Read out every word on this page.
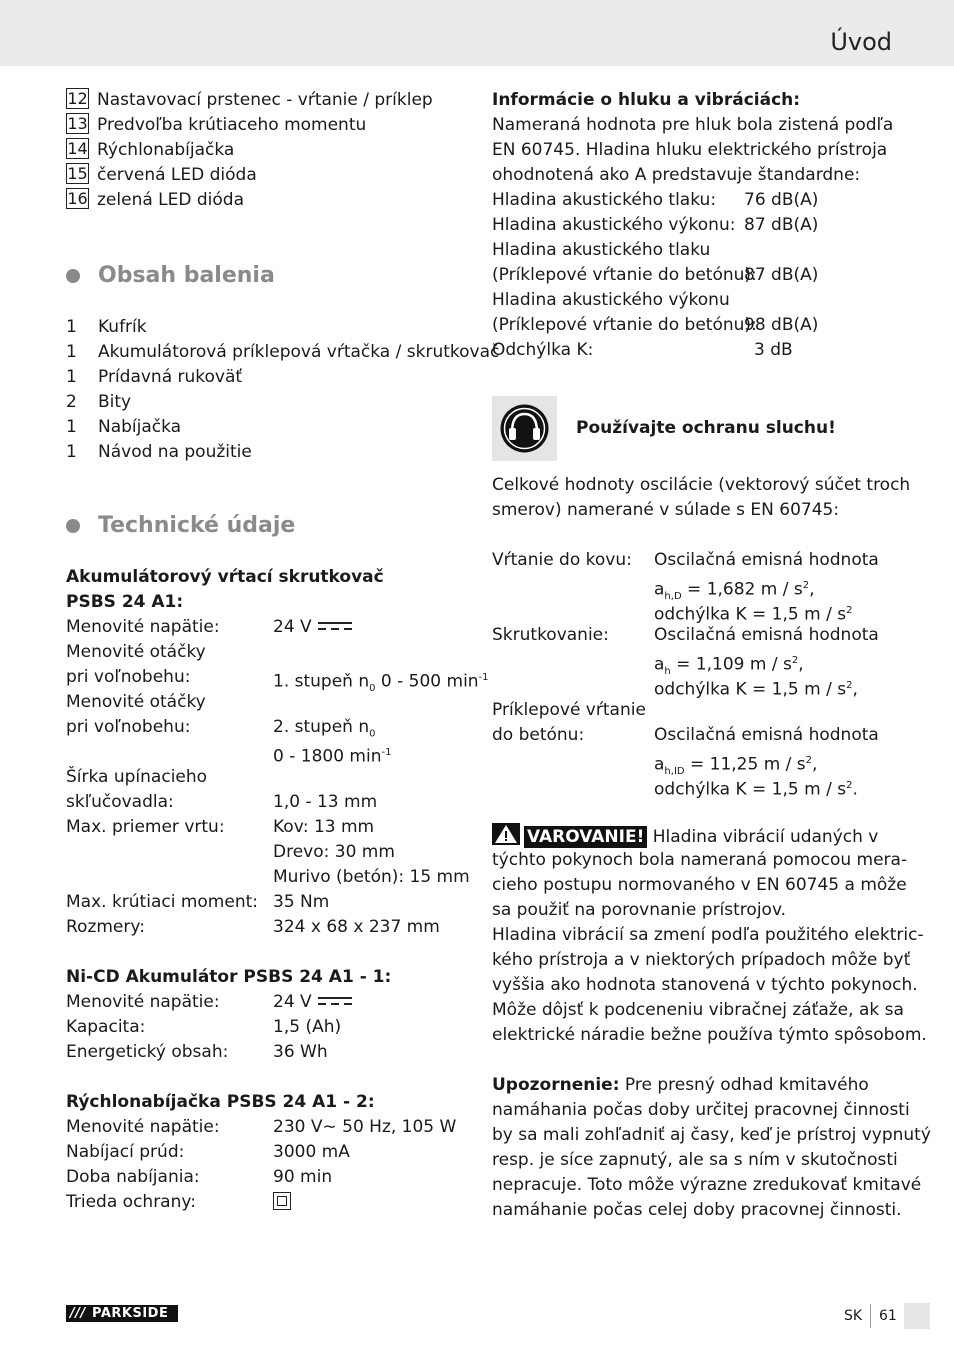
Úvod
12 Nastavovací prstenec - vŕtanie / príklep
13 Predvoľba krútiaceho momentu
14 Rýchlonabíjačka
15 červená LED dióda
16 zelená LED dióda
Obsah balenia
1 Kufrík
1 Akumulátorová príklepová vŕtačka / skrutkovač
1 Prídavná rukoväť
2 Bity
1 Nabíjačka
1 Návod na použitie
Technické údaje
Akumulátorový vŕtací skrutkovač
PSBS 24 A1:
Menovité napätie:	24 V
Menovité otáčky
pri voľnobehu:	1. stupeň $n_0$ 0 - 500 $\min^{-1}$
Menovité otáčky
pri voľnobehu:	2. stupeň $n_0$
0 - 1800 $\min^{-1}$
Šírka upínacieho
skľučovadla:	1,0 - 13 mm
Max. priemer vrtu:	Kov: 13 mm
Drevo: 30 mm
Murivo (betón): 15 mm
Max. krútiaci moment: 35 Nm
Rozmery:	324 x 68 x 237 mm
Ni-CD Akumulátor PSBS 24 A1 - 1:
Menovité napätie:	24 V
Kapacita:	1,5 (Ah)
Energetický obsah:	36 Wh
Rýchlonabíjačka PSBS 24 A1 - 2:
Menovité napätie:	230 V∼ 50 Hz, 105 W
Nabíjací prúd:	3000 mA
Doba nabíjania:	90 min
Trieda ochrany:
Informácie o hluku a vibráciách:
Nameraná hodnota pre hluk bola zistená podľa
EN 60745. Hladina hluku elektrického prístroja
ohodnotená ako A predstavuje štandardne:
Hladina akustického tlaku: 76 dB(A)
Hladina akustického výkonu: 87 dB(A)
Hladina akustického tlaku
(Príklepové vŕtanie do betónu):
87 dB(A)
Hladina akustického výkonu
(Príklepové vŕtanie do betónu):
98 dB(A)
Odchýlka K:	3 dB
Používajte ochranu sluchu!
Celkové hodnoty oscilácie (vektorový súčet troch
smerov) namerané v súlade s EN 60745:
Vŕtanie do kovu: Oscilačná emisná hodnota
$a_{h,D} = 1,682$ m / $s^2$,
odchýlka K = 1,5 m / $s^2$
Skrutkovanie:	Oscilačná emisná hodnota
$a_h = 1,109$ m / $s^2$,
odchýlka K = 1,5 m / $s^2$,
Príklepové vŕtanie
do betónu:	Oscilačná emisná hodnota
$a_{h,ID} = 11,25$ m / $s^2$,
odchýlka K = 1,5 m / $s^2$.
VAROVANIE! Hladina vibrácií udaných v
týchto pokynoch bola nameraná pomocou mera-
cieho postupu normovaného v EN 60745 a môže
sa použiť na porovnanie prístrojov.
Hladina vibrácií sa zmení podľa použitého elektric-
kého prístroja a v niektorých prípadoch môže byť
vyššia ako hodnota stanovená v týchto pokynoch.
Môže dôjsť k podceneniu vibračnej záťaže, ak sa
elektrické náradie bežne používa týmto spôsobom.
Upozornenie: Pre presný odhad kmitavého
namáhania počas doby určitej pracovnej činnosti
by sa mali zohľadniť aj časy, keď je prístroj vypnutý
resp. je síce zapnutý, ale sa s ním v skutočnosti
nepracuje. Toto môže výrazne zredukovať kmitavé
namáhanie počas celej doby pracovnej činnosti.
/// PARKSIDE	SK 61
